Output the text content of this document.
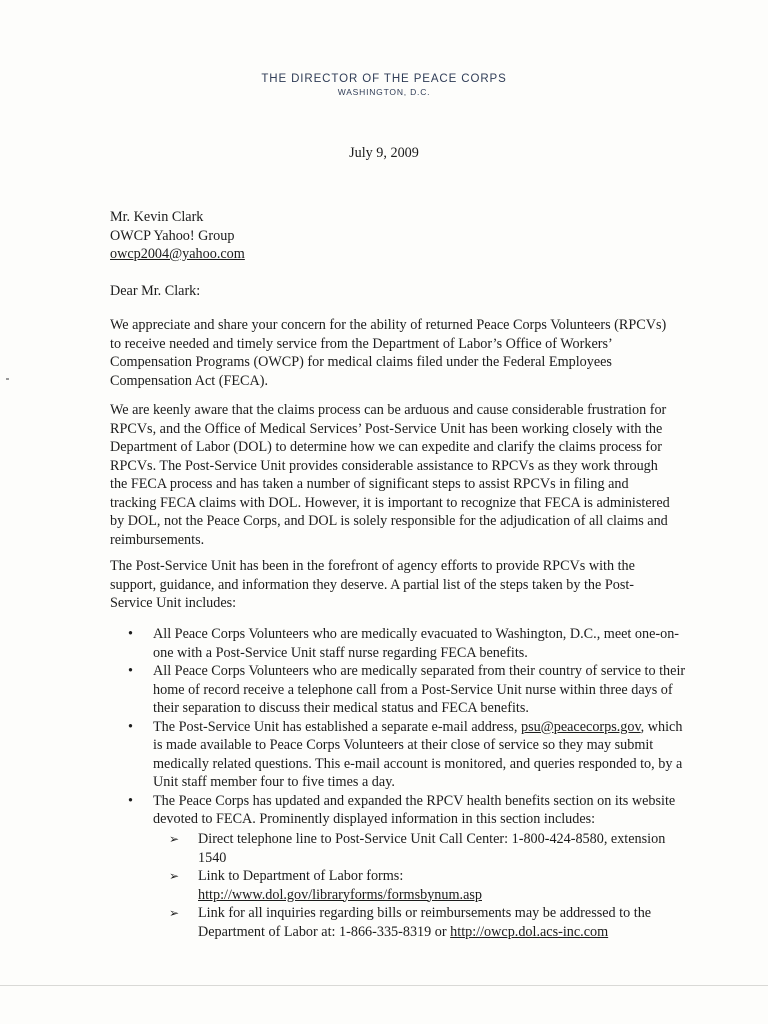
THE DIRECTOR OF THE PEACE CORPS
WASHINGTON, D.C.
July 9, 2009
Mr. Kevin Clark
OWCP Yahoo! Group
owcp2004@yahoo.com
Dear Mr. Clark:

We appreciate and share your concern for the ability of returned Peace Corps Volunteers (RPCVs) to receive needed and timely service from the Department of Labor’s Office of Workers’ Compensation Programs (OWCP) for medical claims filed under the Federal Employees Compensation Act (FECA).

We are keenly aware that the claims process can be arduous and cause considerable frustration for RPCVs, and the Office of Medical Services’ Post-Service Unit has been working closely with the Department of Labor (DOL) to determine how we can expedite and clarify the claims process for RPCVs. The Post-Service Unit provides considerable assistance to RPCVs as they work through the FECA process and has taken a number of significant steps to assist RPCVs in filing and tracking FECA claims with DOL. However, it is important to recognize that FECA is administered by DOL, not the Peace Corps, and DOL is solely responsible for the adjudication of all claims and reimbursements.

The Post-Service Unit has been in the forefront of agency efforts to provide RPCVs with the support, guidance, and information they deserve. A partial list of the steps taken by the Post-Service Unit includes:

• All Peace Corps Volunteers who are medically evacuated to Washington, D.C., meet one-on-one with a Post-Service Unit staff nurse regarding FECA benefits.
• All Peace Corps Volunteers who are medically separated from their country of service to their home of record receive a telephone call from a Post-Service Unit nurse within three days of their separation to discuss their medical status and FECA benefits.
• The Post-Service Unit has established a separate e-mail address, psu@peacecorps.gov, which is made available to Peace Corps Volunteers at their close of service so they may submit medically related questions. This e-mail account is monitored, and queries responded to, by a Unit staff member four to five times a day.
• The Peace Corps has updated and expanded the RPCV health benefits section on its website devoted to FECA. Prominently displayed information in this section includes:
➢ Direct telephone line to Post-Service Unit Call Center: 1-800-424-8580, extension 1540
➢ Link to Department of Labor forms:
http://www.dol.gov/libraryforms/formsbynum.asp
➢ Link for all inquiries regarding bills or reimbursements may be addressed to the Department of Labor at: 1-866-335-8319 or http://owcp.dol.acs-inc.com
